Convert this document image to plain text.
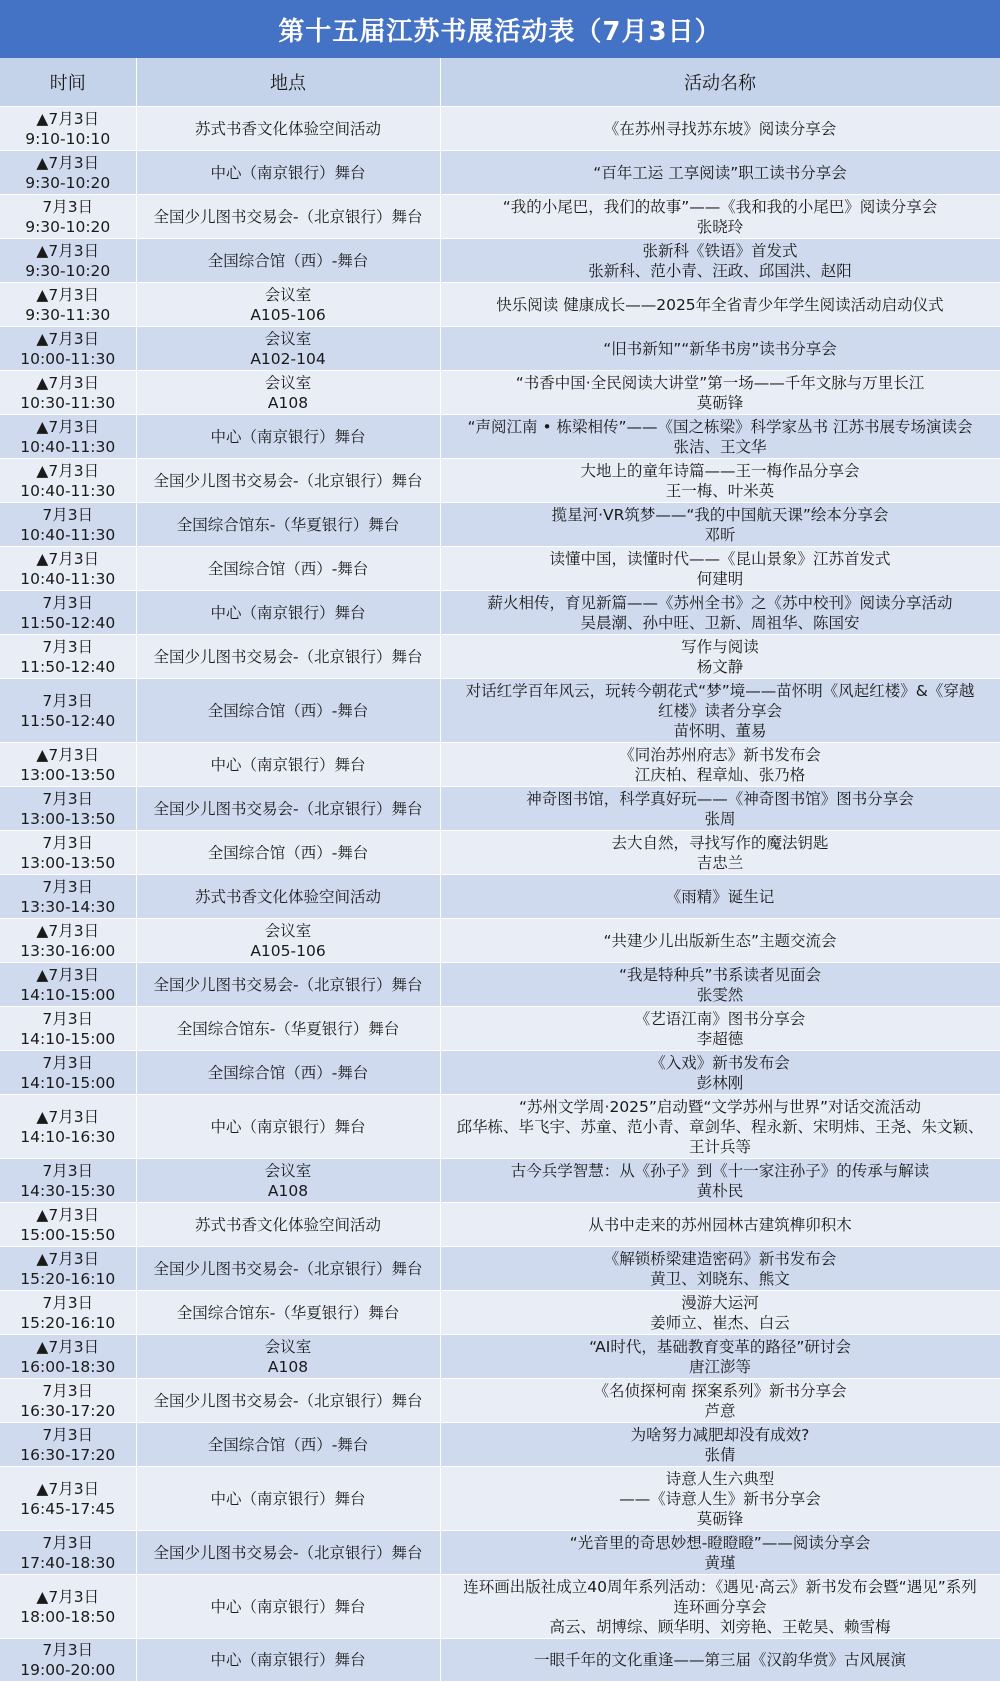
第十五届江苏书展活动表（7月3日）
时间	地点	活动名称

▲7月3日
9:10-10:10	苏式书香文化体验空间活动	《在苏州寻找苏东坡》阅读分享会

▲7月3日
9:30-10:20	中心（南京银行）舞台	“百年工运 工享阅读”职工读书分享会

7月3日
9:30-10:20	全国少儿图书交易会-（北京银行）舞台	“我的小尾巴，我们的故事”——《我和我的小尾巴》阅读分享会
张晓玲

▲7月3日
9:30-10:20	全国综合馆（西）-舞台	张新科《铁语》首发式
张新科、范小青、汪政、邱国洪、赵阳

▲7月3日
9:30-11:30	会议室
A105-106	快乐阅读 健康成长——2025年全省青少年学生阅读活动启动仪式

▲7月3日
10:00-11:30	会议室
A102-104	“旧书新知”“新华书房”读书分享会

▲7月3日
10:30-11:30	会议室
A108	“书香中国·全民阅读大讲堂”第一场——千年文脉与万里长江
莫砺锋

▲7月3日
10:40-11:30	中心（南京银行）舞台	“声阅江南 • 栋梁相传”——《国之栋梁》科学家丛书 江苏书展专场演读会
张洁、王文华

▲7月3日
10:40-11:30	全国少儿图书交易会-（北京银行）舞台	大地上的童年诗篇——王一梅作品分享会
王一梅、叶米英

7月3日
10:40-11:30	全国综合馆东-（华夏银行）舞台	揽星河·VR筑梦——“我的中国航天课”绘本分享会
邓昕

▲7月3日
10:40-11:30	全国综合馆（西）-舞台	读懂中国，读懂时代——《昆山景象》江苏首发式
何建明

7月3日
11:50-12:40	中心（南京银行）舞台	薪火相传，育见新篇——《苏州全书》之《苏中校刊》阅读分享活动
吴晨潮、孙中旺、卫新、周祖华、陈国安

7月3日
11:50-12:40	全国少儿图书交易会-（北京银行）舞台	写作与阅读
杨文静

7月3日
11:50-12:40	全国综合馆（西）-舞台	对话红学百年风云，玩转今朝花式“梦”境——苗怀明《风起红楼》&《穿越
红楼》读者分享会
苗怀明、董易

▲7月3日
13:00-13:50	中心（南京银行）舞台	《同治苏州府志》新书发布会
江庆柏、程章灿、张乃格

7月3日
13:00-13:50	全国少儿图书交易会-（北京银行）舞台	神奇图书馆，科学真好玩——《神奇图书馆》图书分享会
张周

7月3日
13:00-13:50	全国综合馆（西）-舞台	去大自然，寻找写作的魔法钥匙
吉忠兰

7月3日
13:30-14:30	苏式书香文化体验空间活动	《雨精》诞生记

▲7月3日
13:30-16:00	会议室
A105-106	“共建少儿出版新生态”主题交流会

▲7月3日
14:10-15:00	全国少儿图书交易会-（北京银行）舞台	“我是特种兵”书系读者见面会
张雯然

7月3日
14:10-15:00	全国综合馆东-（华夏银行）舞台	《艺语江南》图书分享会
李超德

7月3日
14:10-15:00	全国综合馆（西）-舞台	《入戏》新书发布会
彭林刚

▲7月3日
14:10-16:30	中心（南京银行）舞台	“苏州文学周·2025”启动暨“文学苏州与世界”对话交流活动
邱华栋、毕飞宇、苏童、范小青、章剑华、程永新、宋明炜、王尧、朱文颖、
王计兵等

7月3日
14:30-15:30	会议室
A108	古今兵学智慧：从《孙子》到《十一家注孙子》的传承与解读
黄朴民

▲7月3日
15:00-15:50	苏式书香文化体验空间活动	从书中走来的苏州园林古建筑榫卯积木

▲7月3日
15:20-16:10	全国少儿图书交易会-（北京银行）舞台	《解锁桥梁建造密码》新书发布会
黄卫、刘晓东、熊文

7月3日
15:20-16:10	全国综合馆东-（华夏银行）舞台	漫游大运河
姜师立、崔杰、白云

▲7月3日
16:00-18:30	会议室
A108	“AI时代，基础教育变革的路径”研讨会
唐江澎等

7月3日
16:30-17:20	全国少儿图书交易会-（北京银行）舞台	《名侦探柯南 探案系列》新书分享会
芦意

7月3日
16:30-17:20	全国综合馆（西）-舞台	为啥努力减肥却没有成效?
张倩

▲7月3日
16:45-17:45	中心（南京银行）舞台	诗意人生六典型
——《诗意人生》新书分享会
莫砺锋

7月3日
17:40-18:30	全国少儿图书交易会-（北京银行）舞台	“光音里的奇思妙想-瞪瞪瞪”——阅读分享会
黄瑾

▲7月3日
18:00-18:50	中心（南京银行）舞台	连环画出版社成立40周年系列活动：《遇见·高云》新书发布会暨“遇见”系列
连环画分享会
高云、胡博综、顾华明、刘旁艳、王乾昊、赖雪梅

7月3日
19:00-20:00	中心（南京银行）舞台	一眼千年的文化重逢——第三届《汉韵华赏》古风展演
